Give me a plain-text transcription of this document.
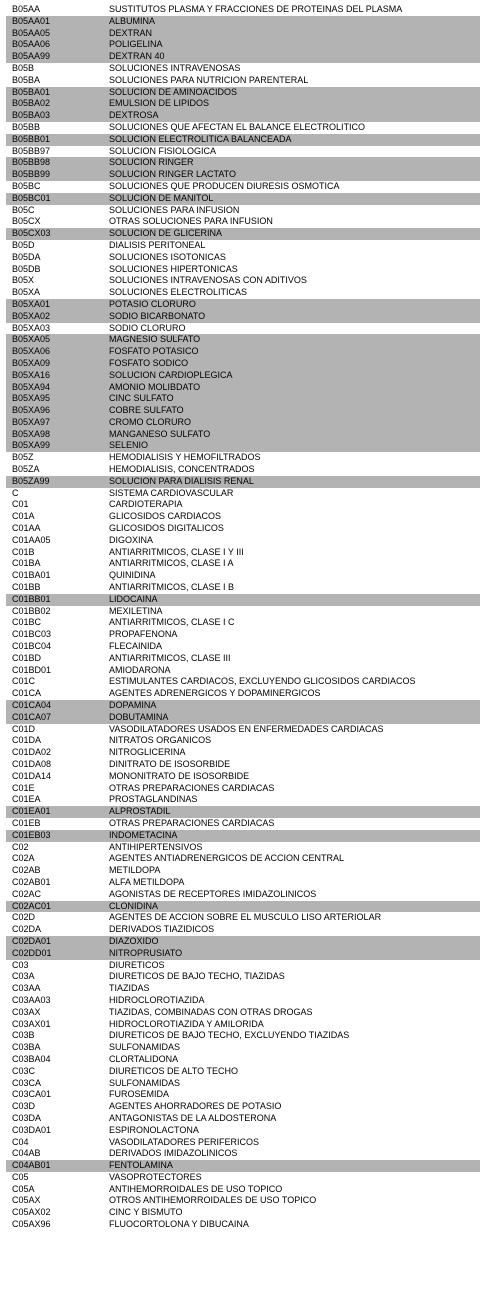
B05AA	SUSTITUTOS PLASMA Y FRACCIONES DE PROTEINAS DEL PLASMA
B05AA01	ALBUMINA
B05AA05	DEXTRAN
B05AA06	POLIGELINA
B05AA99	DEXTRAN 40
B05B	SOLUCIONES INTRAVENOSAS
B05BA	SOLUCIONES PARA NUTRICION PARENTERAL
B05BA01	SOLUCION DE AMINOACIDOS
B05BA02	EMULSION DE LIPIDOS
B05BA03	DEXTROSA
B05BB	SOLUCIONES QUE AFECTAN EL BALANCE ELECTROLITICO
B05BB01	SOLUCION ELECTROLITICA BALANCEADA
B05BB97	SOLUCION FISIOLOGICA
B05BB98	SOLUCION RINGER
B05BB99	SOLUCION RINGER LACTATO
B05BC	SOLUCIONES QUE PRODUCEN DIURESIS OSMOTICA
B05BC01	SOLUCION DE MANITOL
B05C	SOLUCIONES PARA INFUSION
B05CX	OTRAS SOLUCIONES PARA INFUSION
B05CX03	SOLUCION DE GLICERINA
B05D	DIALISIS PERITONEAL
B05DA	SOLUCIONES ISOTONICAS
B05DB	SOLUCIONES HIPERTONICAS
B05X	SOLUCIONES INTRAVENOSAS CON ADITIVOS
B05XA	SOLUCIONES ELECTROLITICAS
B05XA01	POTASIO CLORURO
B05XA02	SODIO BICARBONATO
B05XA03	SODIO CLORURO
B05XA05	MAGNESIO SULFATO
B05XA06	FOSFATO POTASICO
B05XA09	FOSFATO SODICO
B05XA16	SOLUCION CARDIOPLEGICA
B05XA94	AMONIO MOLIBDATO
B05XA95	CINC SULFATO
B05XA96	COBRE SULFATO
B05XA97	CROMO CLORURO
B05XA98	MANGANESO SULFATO
B05XA99	SELENIO
B05Z	HEMODIALISIS Y HEMOFILTRADOS
B05ZA	HEMODIALISIS, CONCENTRADOS
B05ZA99	SOLUCION PARA DIALISIS RENAL
C	SISTEMA CARDIOVASCULAR
C01	CARDIOTERAPIA
C01A	GLICOSIDOS CARDIACOS
C01AA	GLICOSIDOS DIGITALICOS
C01AA05	DIGOXINA
C01B	ANTIARRITMICOS, CLASE I Y III
C01BA	ANTIARRITMICOS, CLASE I A
C01BA01	QUINIDINA
C01BB	ANTIARRITMICOS, CLASE I B
C01BB01	LIDOCAINA
C01BB02	MEXILETINA
C01BC	ANTIARRITMICOS, CLASE I C
C01BC03	PROPAFENONA
C01BC04	FLECAINIDA
C01BD	ANTIARRITMICOS, CLASE III
C01BD01	AMIODARONA
C01C	ESTIMULANTES CARDIACOS, EXCLUYENDO GLICOSIDOS CARDIACOS
C01CA	AGENTES ADRENERGICOS Y DOPAMINERGICOS
C01CA04	DOPAMINA
C01CA07	DOBUTAMINA
C01D	VASODILATADORES USADOS EN ENFERMEDADES CARDIACAS
C01DA	NITRATOS ORGANICOS
C01DA02	NITROGLICERINA
C01DA08	DINITRATO DE ISOSORBIDE
C01DA14	MONONITRATO DE ISOSORBIDE
C01E	OTRAS PREPARACIONES CARDIACAS
C01EA	PROSTAGLANDINAS
C01EA01	ALPROSTADIL
C01EB	OTRAS PREPARACIONES CARDIACAS
C01EB03	INDOMETACINA
C02	ANTIHIPERTENSIVOS
C02A	AGENTES ANTIADRENERGICOS DE ACCION CENTRAL
C02AB	METILDOPA
C02AB01	ALFA METILDOPA
C02AC	AGONISTAS DE RECEPTORES IMIDAZOLINICOS
C02AC01	CLONIDINA
C02D	AGENTES DE ACCION SOBRE EL MUSCULO LISO ARTERIOLAR
C02DA	DERIVADOS TIAZIDICOS
C02DA01	DIAZOXIDO
C02DD01	NITROPRUSIATO
C03	DIURETICOS
C03A	DIURETICOS DE BAJO TECHO, TIAZIDAS
C03AA	TIAZIDAS
C03AA03	HIDROCLOROTIAZIDA
C03AX	TIAZIDAS, COMBINADAS CON OTRAS DROGAS
C03AX01	HIDROCLOROTIAZIDA Y AMILORIDA
C03B	DIURETICOS DE BAJO TECHO, EXCLUYENDO TIAZIDAS
C03BA	SULFONAMIDAS
C03BA04	CLORTALIDONA
C03C	DIURETICOS DE ALTO TECHO
C03CA	SULFONAMIDAS
C03CA01	FUROSEMIDA
C03D	AGENTES AHORRADORES DE POTASIO
C03DA	ANTAGONISTAS DE LA ALDOSTERONA
C03DA01	ESPIRONOLACTONA
C04	VASODILATADORES PERIFERICOS
C04AB	DERIVADOS IMIDAZOLINICOS
C04AB01	FENTOLAMINA
C05	VASOPROTECTORES
C05A	ANTIHEMORROIDALES DE USO TOPICO
C05AX	OTROS ANTIHEMORROIDALES DE USO TOPICO
C05AX02	CINC Y BISMUTO
C05AX96	FLUOCORTOLONA Y DIBUCAINA
